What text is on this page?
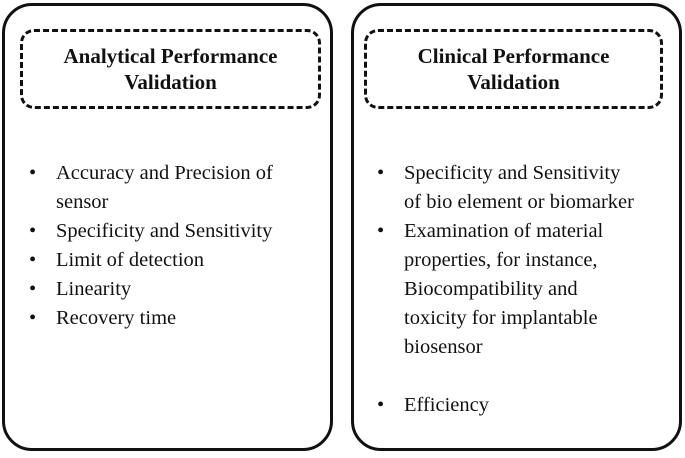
Analytical Performance
Validation
• Accuracy and Precision of
sensor
• Specificity and Sensitivity
• Limit of detection
• Linearity
• Recovery time
Clinical Performance
Validation
• Specificity and Sensitivity
of bio element or biomarker
• Examination of material
properties, for instance,
Biocompatibility and
toxicity for implantable
biosensor
• Efficiency
